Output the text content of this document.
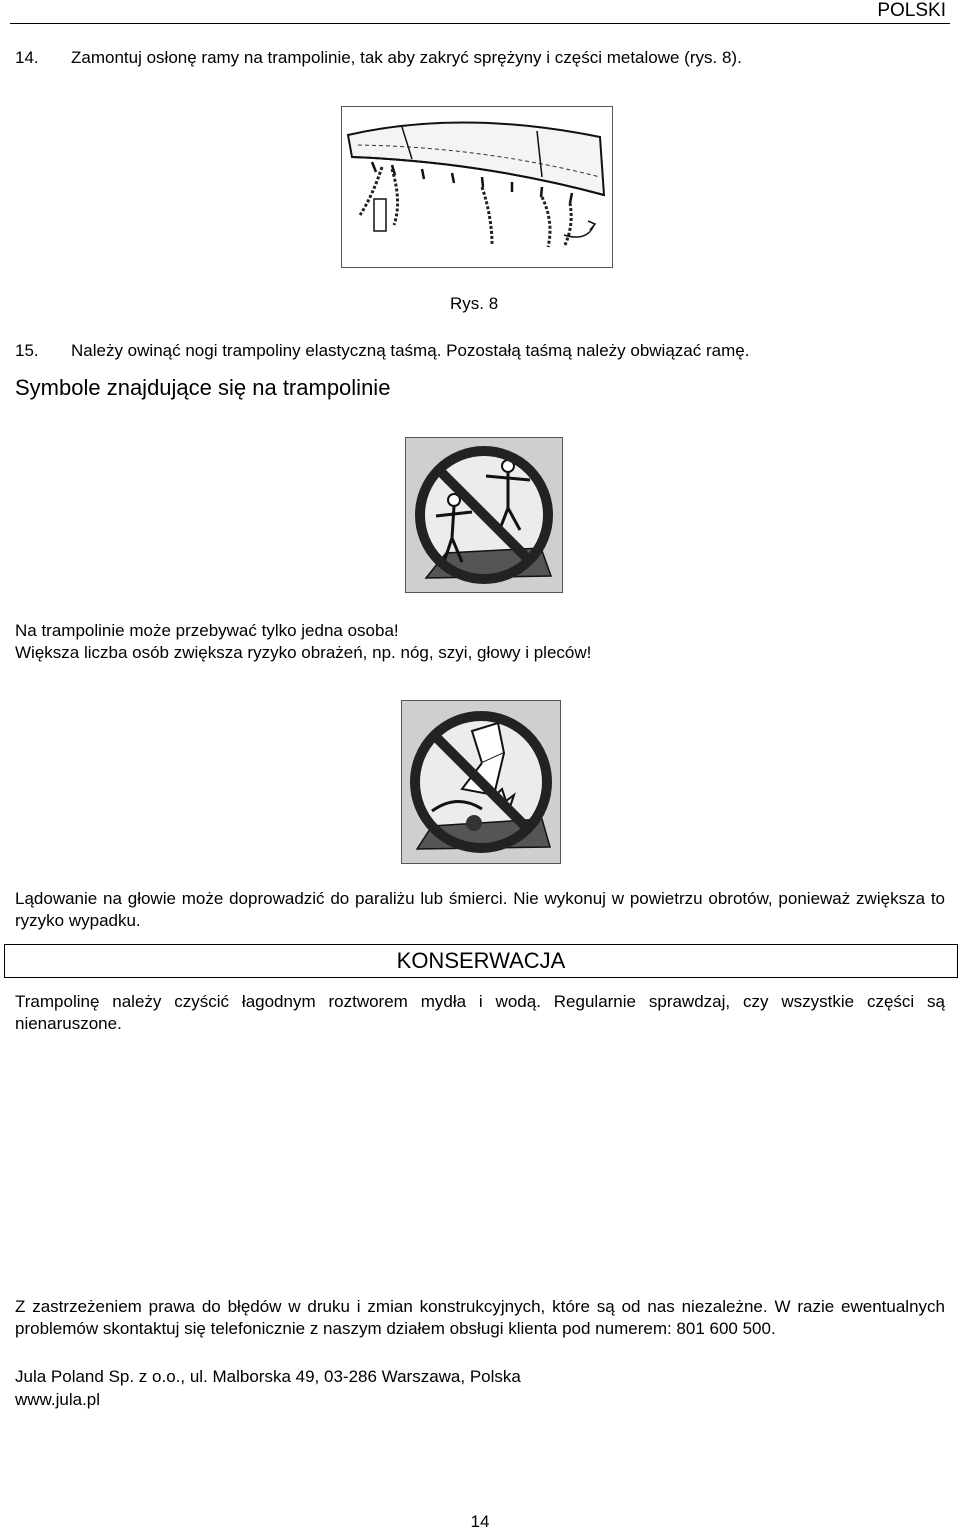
POLSKI
14. Zamontuj osłonę ramy na trampolinie, tak aby zakryć sprężyny i części metalowe (rys. 8).
Rys. 8
15. Należy owinąć nogi trampoliny elastyczną taśmą. Pozostałą taśmą należy obwiązać ramę.
Symbole znajdujące się na trampolinie
Na trampolinie może przebywać tylko jedna osoba!
Większa liczba osób zwiększa ryzyko obrażeń, np. nóg, szyi, głowy i pleców!
Lądowanie na głowie może doprowadzić do paraliżu lub śmierci. Nie wykonuj w powietrzu obrotów, ponieważ zwiększa to ryzyko wypadku.
KONSERWACJA
Trampolinę należy czyścić łagodnym roztworem mydła i wodą. Regularnie sprawdzaj, czy wszystkie części są nienaruszone.
Z zastrzeżeniem prawa do błędów w druku i zmian konstrukcyjnych, które są od nas niezależne. W razie ewentualnych problemów skontaktuj się telefonicznie z naszym działem obsługi klienta pod numerem: 801 600 500.
Jula Poland Sp. z o.o., ul. Malborska 49, 03-286 Warszawa, Polska
www.jula.pl
14
